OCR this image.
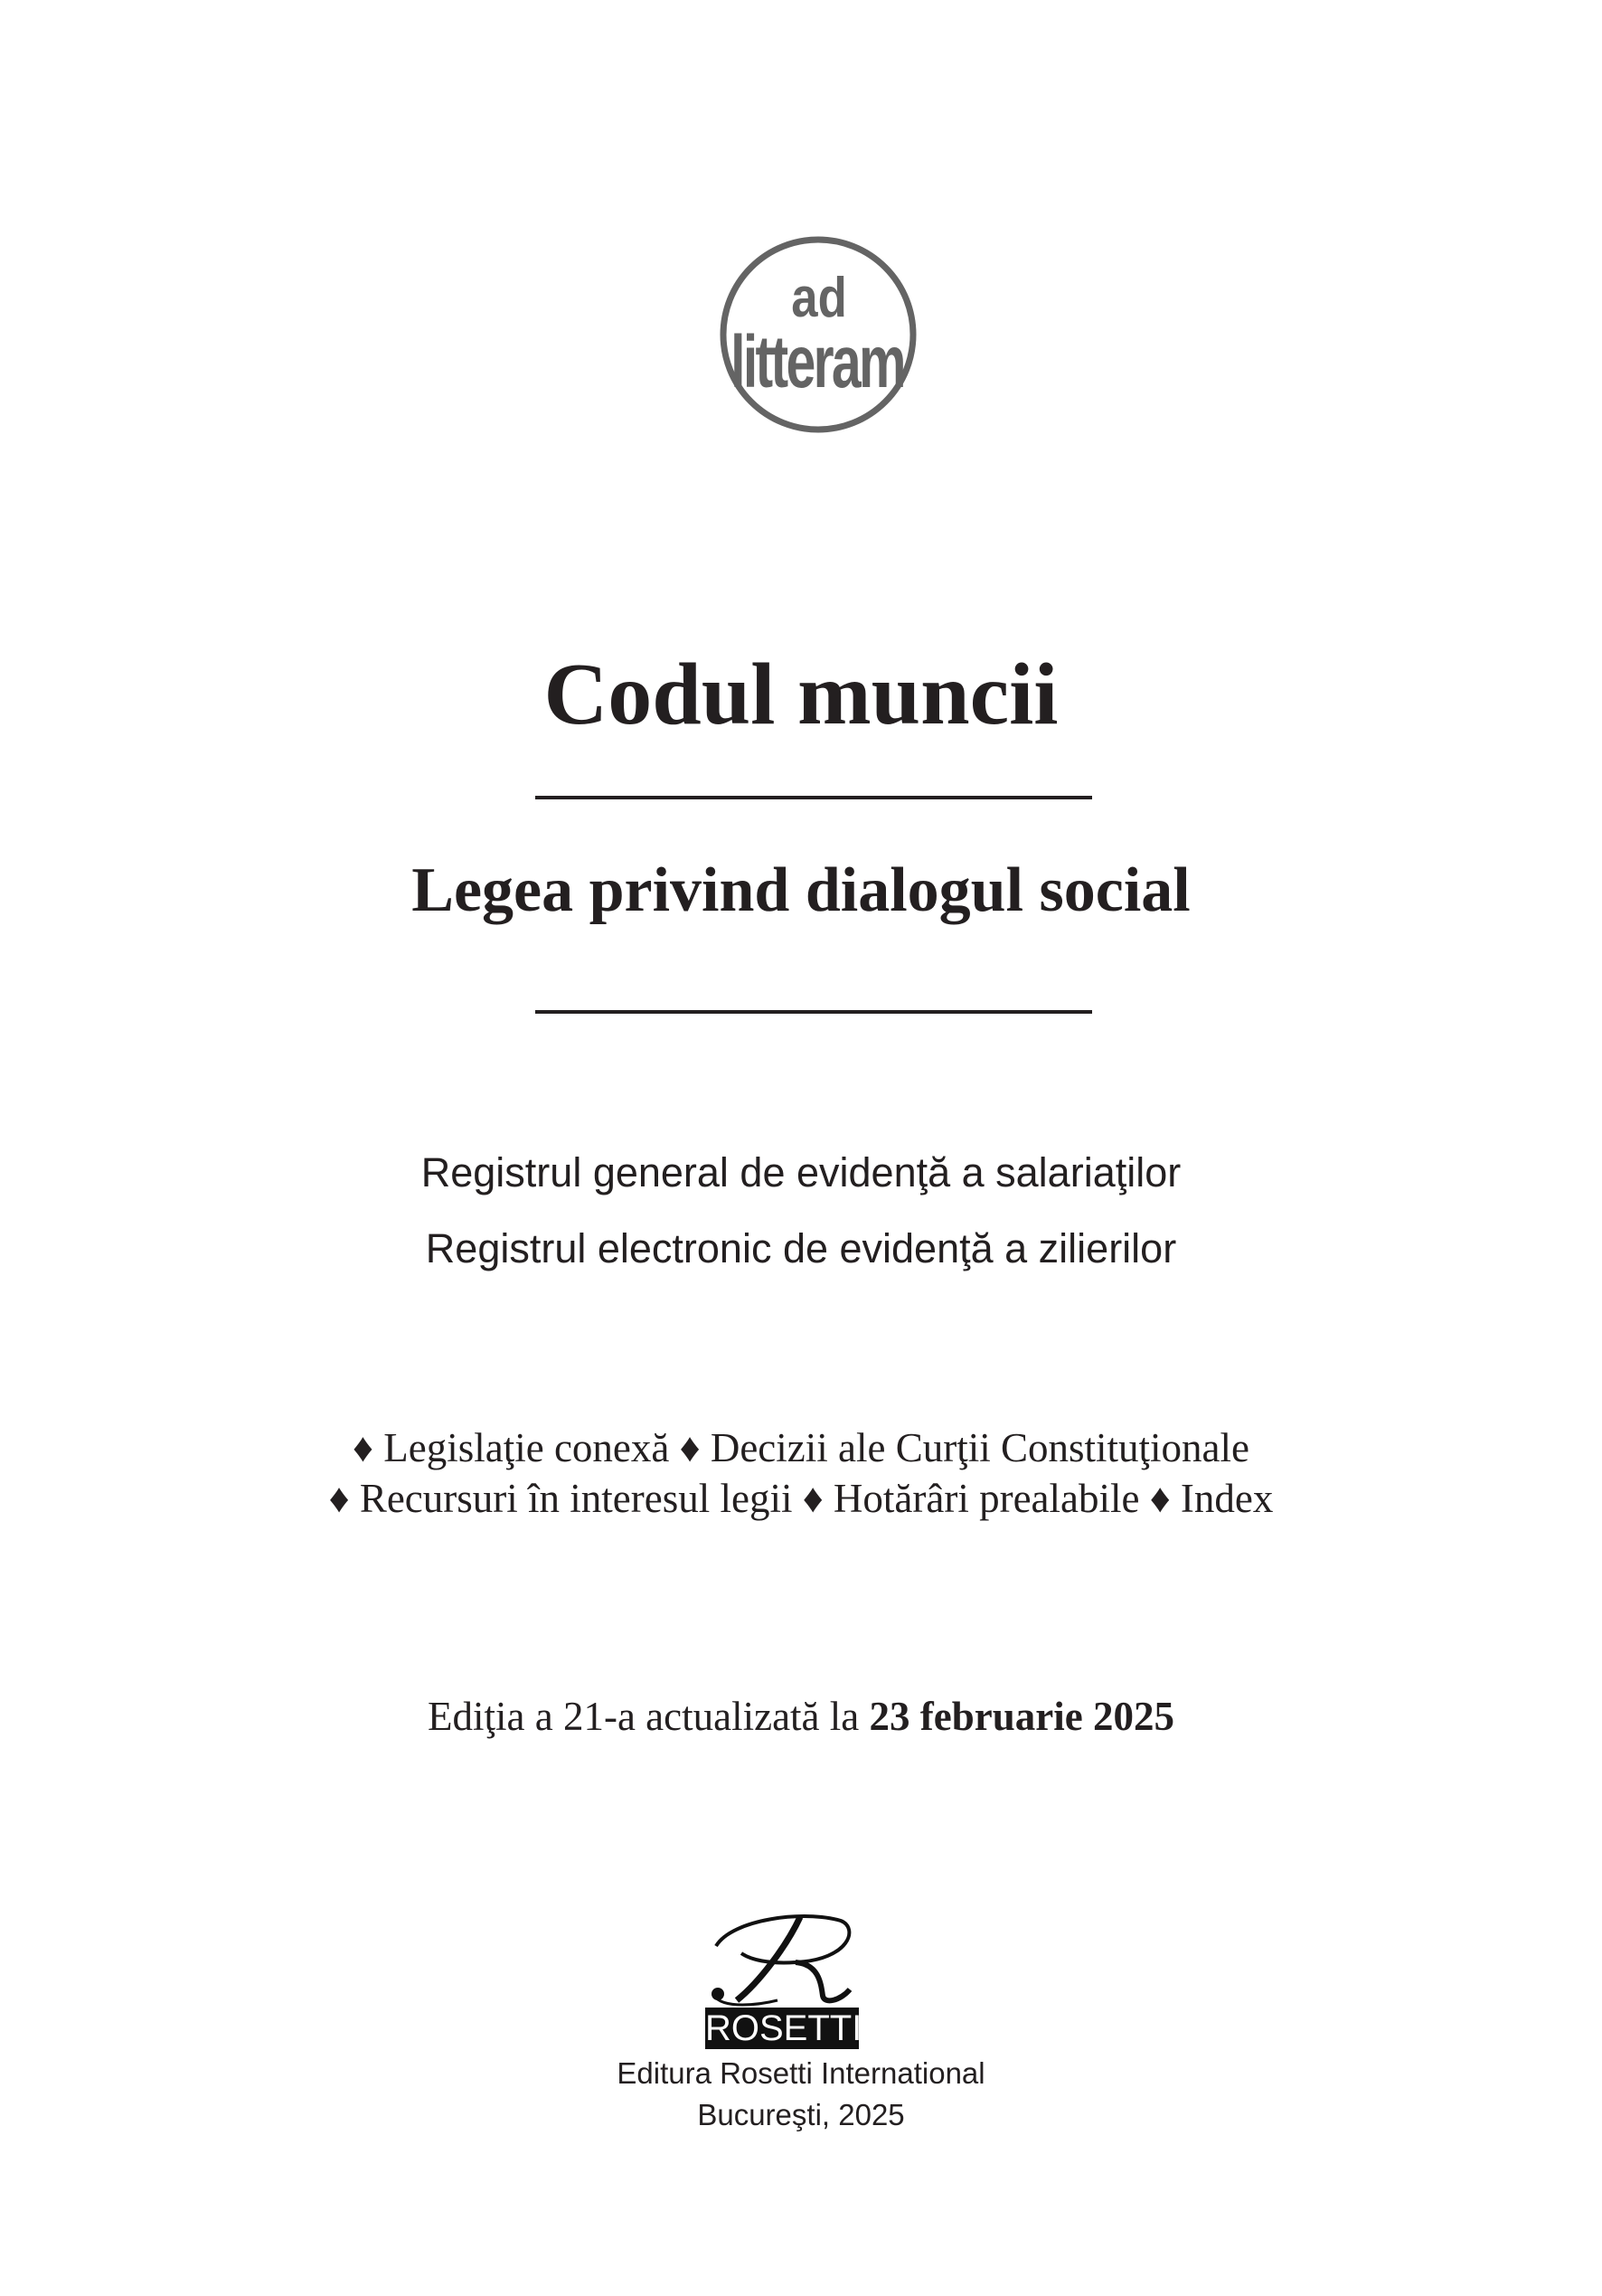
ad
litteram
Codul muncii
Legea privind dialogul social
Registrul general de evidenţă a salariaţilor
Registrul electronic de evidenţă a zilierilor
♦ Legislaţie conexă ♦ Decizii ale Curţii Constituţionale
♦ Recursuri în interesul legii ♦ Hotărâri prealabile ♦ Index
Ediţia a 21-a actualizată la 23 februarie 2025
ROSETTI
Editura Rosetti International
Bucureşti, 2025
